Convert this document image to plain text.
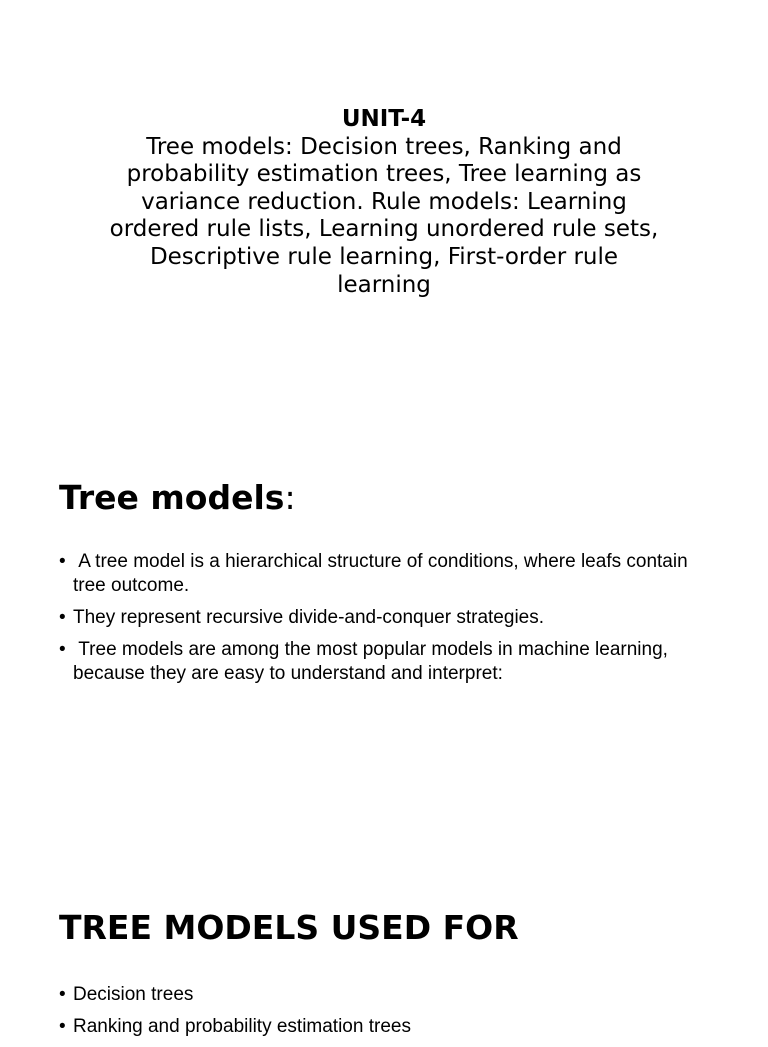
UNIT-4
Tree models: Decision trees, Ranking and probability estimation trees, Tree learning as variance reduction. Rule models: Learning ordered rule lists, Learning unordered rule sets, Descriptive rule learning, First-order rule learning
Tree models:
• A tree model is a hierarchical structure of conditions, where leafs contain tree outcome.
• They represent recursive divide-and-conquer strategies.
• Tree models are among the most popular models in machine learning, because they are easy to understand and interpret:
TREE MODELS USED FOR
• Decision trees
• Ranking and probability estimation trees
